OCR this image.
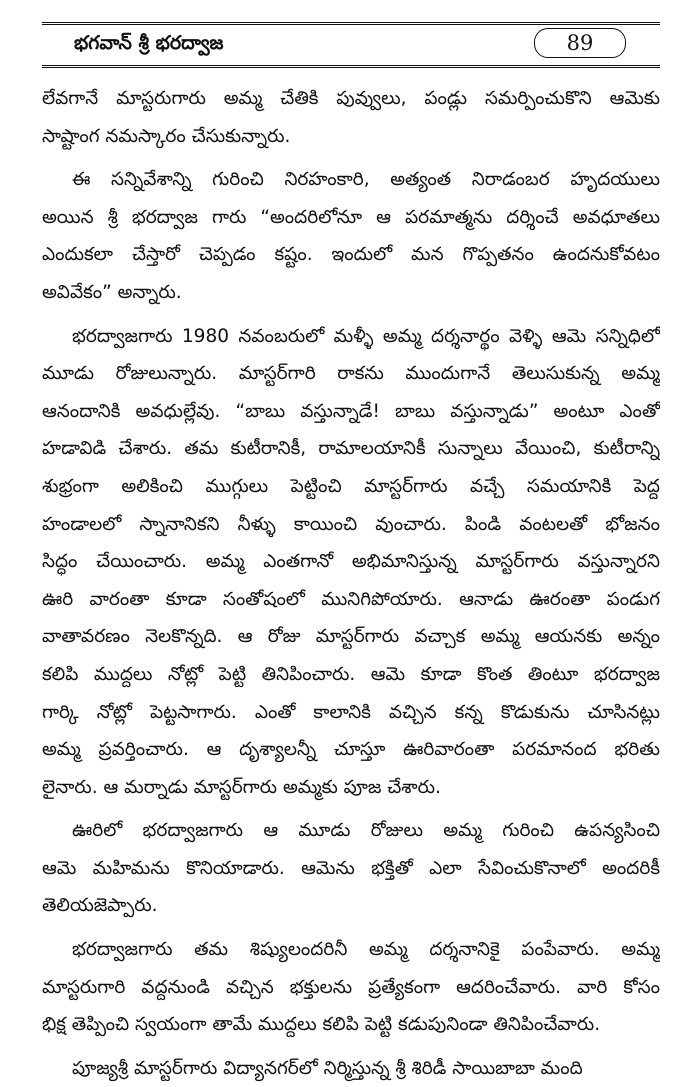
భగవాన్ శ్రీ భరద్వాజ	89
లేవగానే మాస్టరుగారు అమ్మ చేతికి పువ్వులు, పండ్లు సమర్పించుకొని ఆమెకు
సాష్టాంగ నమస్కారం చేసుకున్నారు.
ఈ సన్నివేశాన్ని గురించి నిరహంకారి, అత్యంత నిరాడంబర హృదయులు
అయిన శ్రీ భరద్వాజ గారు “అందరిలోనూ ఆ పరమాత్మను దర్శించే అవధూతలు
ఎందుకలా చేస్తారో చెప్పడం కష్టం. ఇందులో మన గొప్పతనం ఉందనుకోవటం
అవివేకం” అన్నారు.
భరద్వాజగారు 1980 నవంబరులో మళ్ళీ అమ్మ దర్శనార్థం వెళ్ళి ఆమె సన్నిధిలో
మూడు రోజులున్నారు. మాస్టర్‌గారి రాకను ముందుగానే తెలుసుకున్న అమ్మ
ఆనందానికి అవధుల్లేవు. “బాబు వస్తున్నాడే! బాబు వస్తున్నాడు” అంటూ ఎంతో
హడావిడి చేశారు. తమ కుటీరానికీ, రామాలయానికీ సున్నాలు వేయించి, కుటీరాన్ని
శుభ్రంగా అలికించి ముగ్గులు పెట్టించి మాస్టర్‌గారు వచ్చే సమయానికి పెద్ద
హండాలలో స్నానానికని నీళ్ళు కాయించి వుంచారు. పిండి వంటలతో భోజనం
సిద్ధం చేయించారు. అమ్మ ఎంతగానో అభిమానిస్తున్న మాస్టర్‌గారు వస్తున్నారని
ఊరి వారంతా కూడా సంతోషంలో మునిగిపోయారు. ఆనాడు ఊరంతా పండుగ
వాతావరణం నెలకొన్నది. ఆ రోజు మాస్టర్‌గారు వచ్చాక అమ్మ ఆయనకు అన్నం
కలిపి ముద్దలు నోట్లో పెట్టి తినిపించారు. ఆమె కూడా కొంత తింటూ భరద్వాజ
గార్కి నోట్లో పెట్టసాగారు. ఎంతో కాలానికి వచ్చిన కన్న కొడుకును చూసినట్లు
అమ్మ ప్రవర్తించారు. ఆ దృశ్యాలన్నీ చూస్తూ ఊరివారంతా పరమానంద భరితు
లైనారు. ఆ మర్నాడు మాస్టర్‌గారు అమ్మకు పూజ చేశారు.
ఊరిలో భరద్వాజగారు ఆ మూడు రోజులు అమ్మ గురించి ఉపన్యసించి
ఆమె మహిమను కొనియాడారు. ఆమెను భక్తితో ఎలా సేవించుకొనాలో అందరికీ
తెలియజెప్పారు.
భరద్వాజగారు తమ శిష్యులందరినీ అమ్మ దర్శనానికై పంపేవారు. అమ్మ
మాస్టరుగారి వద్దనుండి వచ్చిన భక్తులను ప్రత్యేకంగా ఆదరించేవారు. వారి కోసం
భిక్ష తెప్పించి స్వయంగా తామే ముద్దలు కలిపి పెట్టి కడుపునిండా తినిపించేవారు.
పూజ్యశ్రీ మాస్టర్‌గారు విద్యానగర్‌లో నిర్మిస్తున్న శ్రీ శిరిడీ సాయిబాబా మంది
